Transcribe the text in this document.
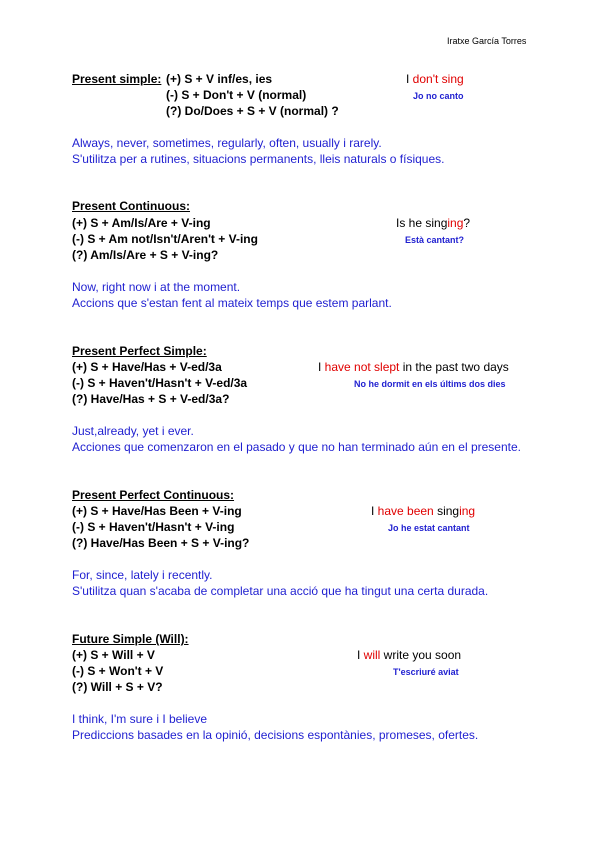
Iratxe García Torres
Present simple: (+) S + V inf/es, ies
(-) S + Don't + V (normal)
(?) Do/Does + S + V (normal) ?
I don't sing
Jo no canto
Always, never, sometimes, regularly, often, usually i rarely.
S'utilitza per a rutines, situacions permanents, lleis naturals o físiques.
Present Continuous:
(+) S + Am/Is/Are + V-ing
(-) S + Am not/Isn't/Aren't + V-ing
(?) Am/Is/Are + S + V-ing?
Is he singing?
Està cantant?
Now, right now i at the moment.
Accions que s'estan fent al mateix temps que estem parlant.
Present Perfect Simple:
(+) S + Have/Has + V-ed/3a
(-) S + Haven't/Hasn't + V-ed/3a
(?) Have/Has + S + V-ed/3a?
I have not slept in the past two days
No he dormit en els últims dos dies
Just,already, yet i ever.
Acciones que comenzaron en el pasado y que no han terminado aún en el presente.
Present Perfect Continuous:
(+) S + Have/Has Been + V-ing
(-) S + Haven't/Hasn't + V-ing
(?) Have/Has Been + S + V-ing?
I have been singing
Jo he estat cantant
For, since, lately i recently.
S'utilitza quan s'acaba de completar una acció que ha tingut una certa durada.
Future Simple (Will):
(+) S + Will + V
(-) S + Won't + V
(?) Will + S + V?
I will write you soon
T'escriuré aviat
I think, I'm sure i I believe
Prediccions basades en la opinió, decisions espontànies, promeses, ofertes.
